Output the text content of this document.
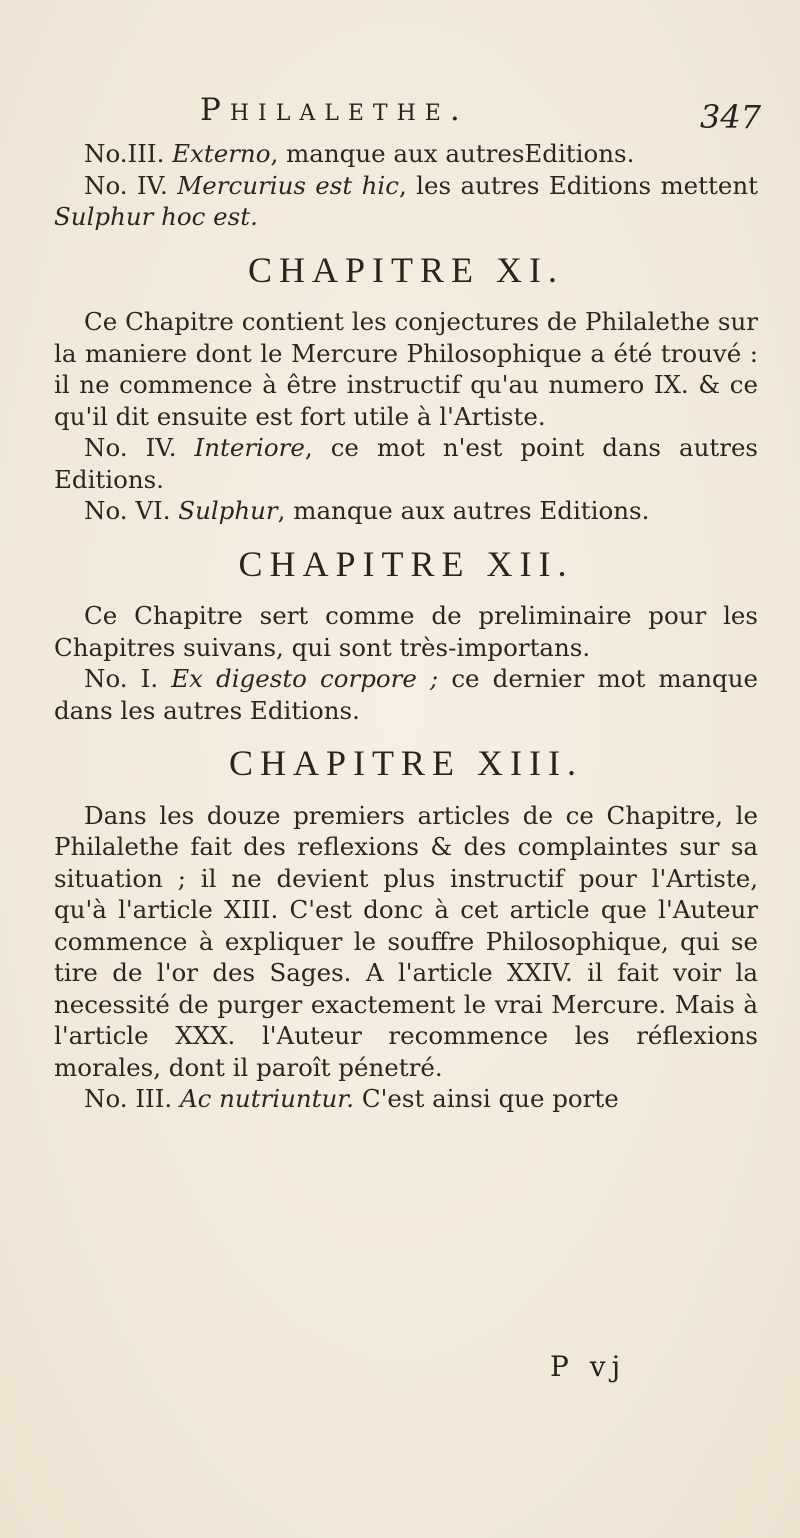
Philalethe.	347

No.III. Externo, manque aux autresEditions.

No. IV. Mercurius est hic, les autres Editions mettent Sulphur hoc est.

CHAPITRE XI.

Ce Chapitre contient les conjectures de Philalethe sur la maniere dont le Mercure Philosophique a été trouvé : il ne commence à être instructif qu'au numero IX. & ce qu'il dit ensuite est fort utile à l'Artiste.

No. IV. Interiore, ce mot n'est point dans autres Editions.

No. VI. Sulphur, manque aux autres Editions.

CHAPITRE XII.

Ce Chapitre sert comme de preliminaire pour les Chapitres suivans, qui sont très-importans.

No. I. Ex digesto corpore ; ce dernier mot manque dans les autres Editions.

CHAPITRE XIII.

Dans les douze premiers articles de ce Chapitre, le Philalethe fait des reflexions & des complaintes sur sa situation ; il ne devient plus instructif pour l'Artiste, qu'à l'article XIII. C'est donc à cet article que l'Auteur commence à expliquer le souffre Philosophique, qui se tire de l'or des Sages. A l'article XXIV. il fait voir la necessité de purger exactement le vrai Mercure. Mais à l'article XXX. l'Auteur recommence les réflexions morales, dont il paroît pénetré.

No. III. Ac nutriuntur. C'est ainsi que porte

P vj
